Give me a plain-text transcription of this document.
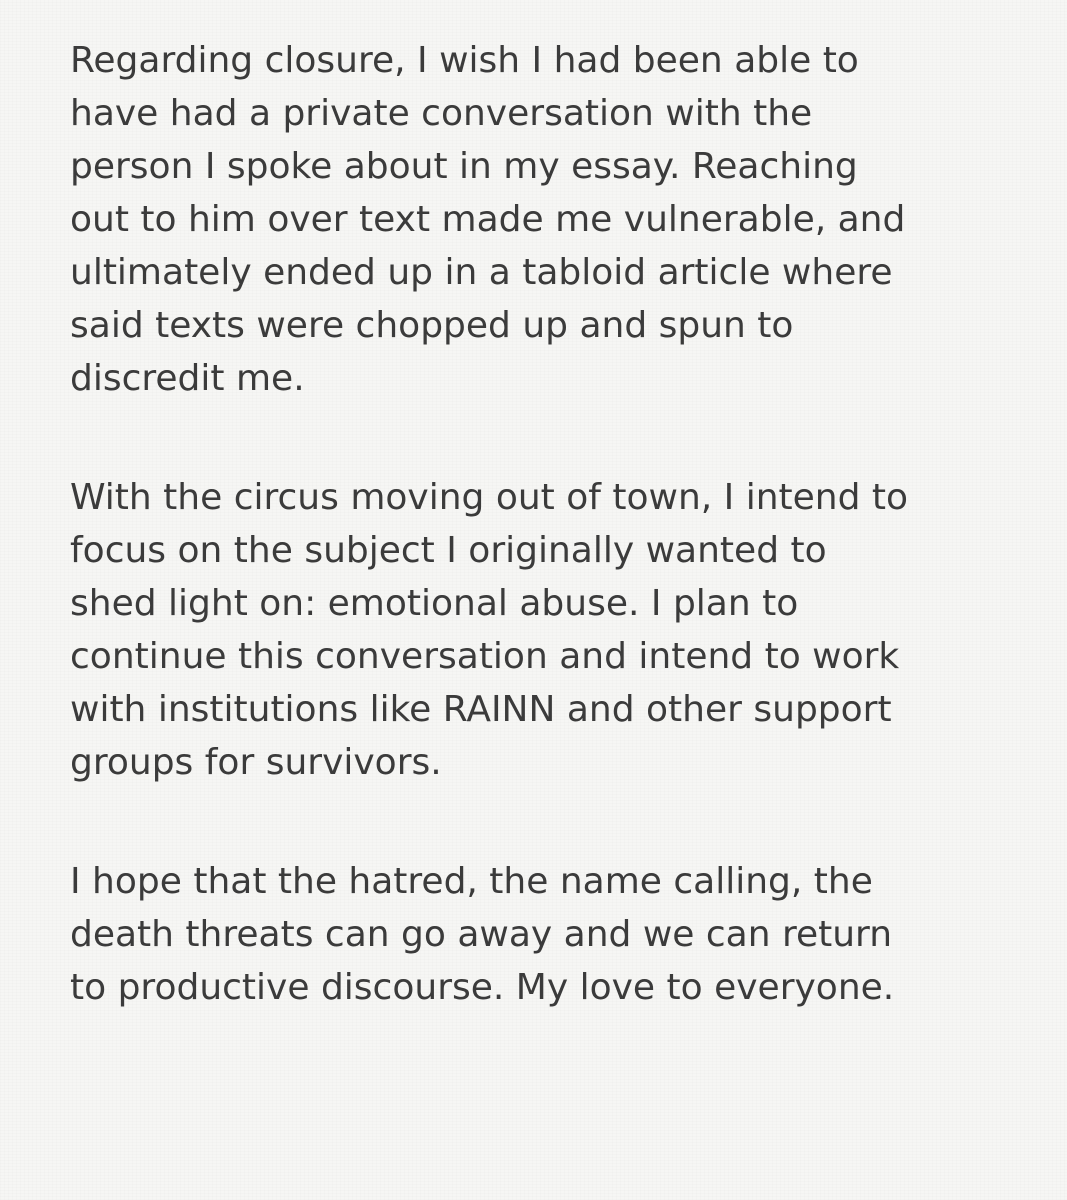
Regarding closure, I wish I had been able to
have had a private conversation with the
person I spoke about in my essay. Reaching
out to him over text made me vulnerable, and
ultimately ended up in a tabloid article where
said texts were chopped up and spun to
discredit me.

With the circus moving out of town, I intend to
focus on the subject I originally wanted to
shed light on: emotional abuse. I plan to
continue this conversation and intend to work
with institutions like RAINN and other support
groups for survivors.

I hope that the hatred, the name calling, the
death threats can go away and we can return
to productive discourse. My love to everyone.
